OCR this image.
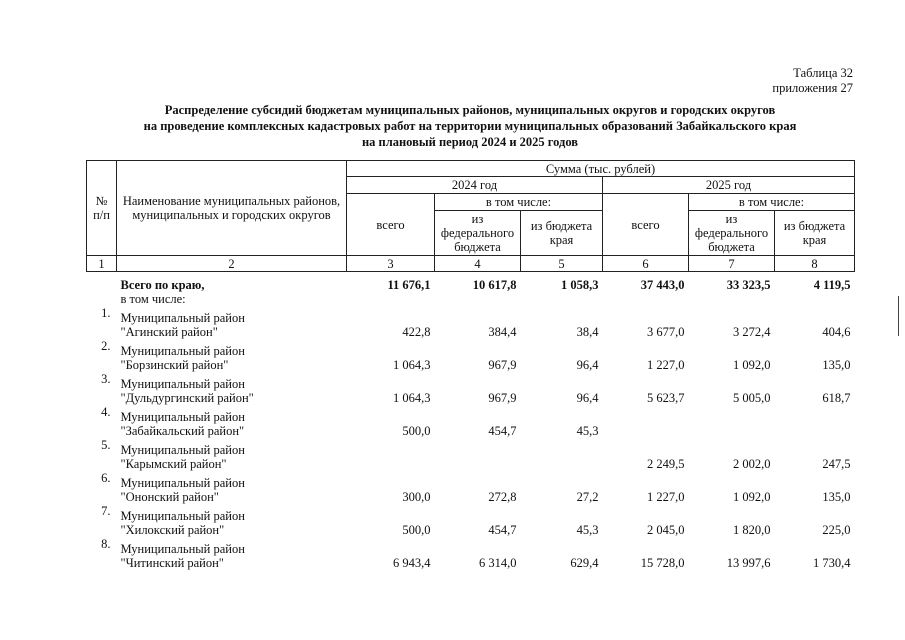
Таблица 32
приложения 27
Распределение субсидий бюджетам муниципальных районов, муниципальных округов и городских округов
на проведение комплексных кадастровых работ на территории муниципальных образований Забайкальского края
на плановый период 2024 и 2025 годов
№ п/п	Наименование муниципальных районов, муниципальных и городских округов	Сумма (тыс. рублей)					
		2024 год			2025 год		
		всего	в том числе:		всего	в том числе:	
			из федерального бюджета	из бюджета края		из федерального бюджета	из бюджета края
1	2	3	4	5	6	7	8
	Всего по краю,
в том числе:	11 676,1	10 617,8	1 058,3	37 443,0	33 323,5	4 119,5
1.	Муниципальный район
"Агинский район"	422,8	384,4	38,4	3 677,0	3 272,4	404,6
2.	Муниципальный район
"Борзинский район"	1 064,3	967,9	96,4	1 227,0	1 092,0	135,0
3.	Муниципальный район
"Дульдургинский район"	1 064,3	967,9	96,4	5 623,7	5 005,0	618,7
4.	Муниципальный район
"Забайкальский район"	500,0	454,7	45,3			
5.	Муниципальный район
"Карымский район"				2 249,5	2 002,0	247,5
6.	Муниципальный район
"Ононский район"	300,0	272,8	27,2	1 227,0	1 092,0	135,0
7.	Муниципальный район
"Хилокский район"	500,0	454,7	45,3	2 045,0	1 820,0	225,0
8.	Муниципальный район
"Читинский район"	6 943,4	6 314,0	629,4	15 728,0	13 997,6	1 730,4
